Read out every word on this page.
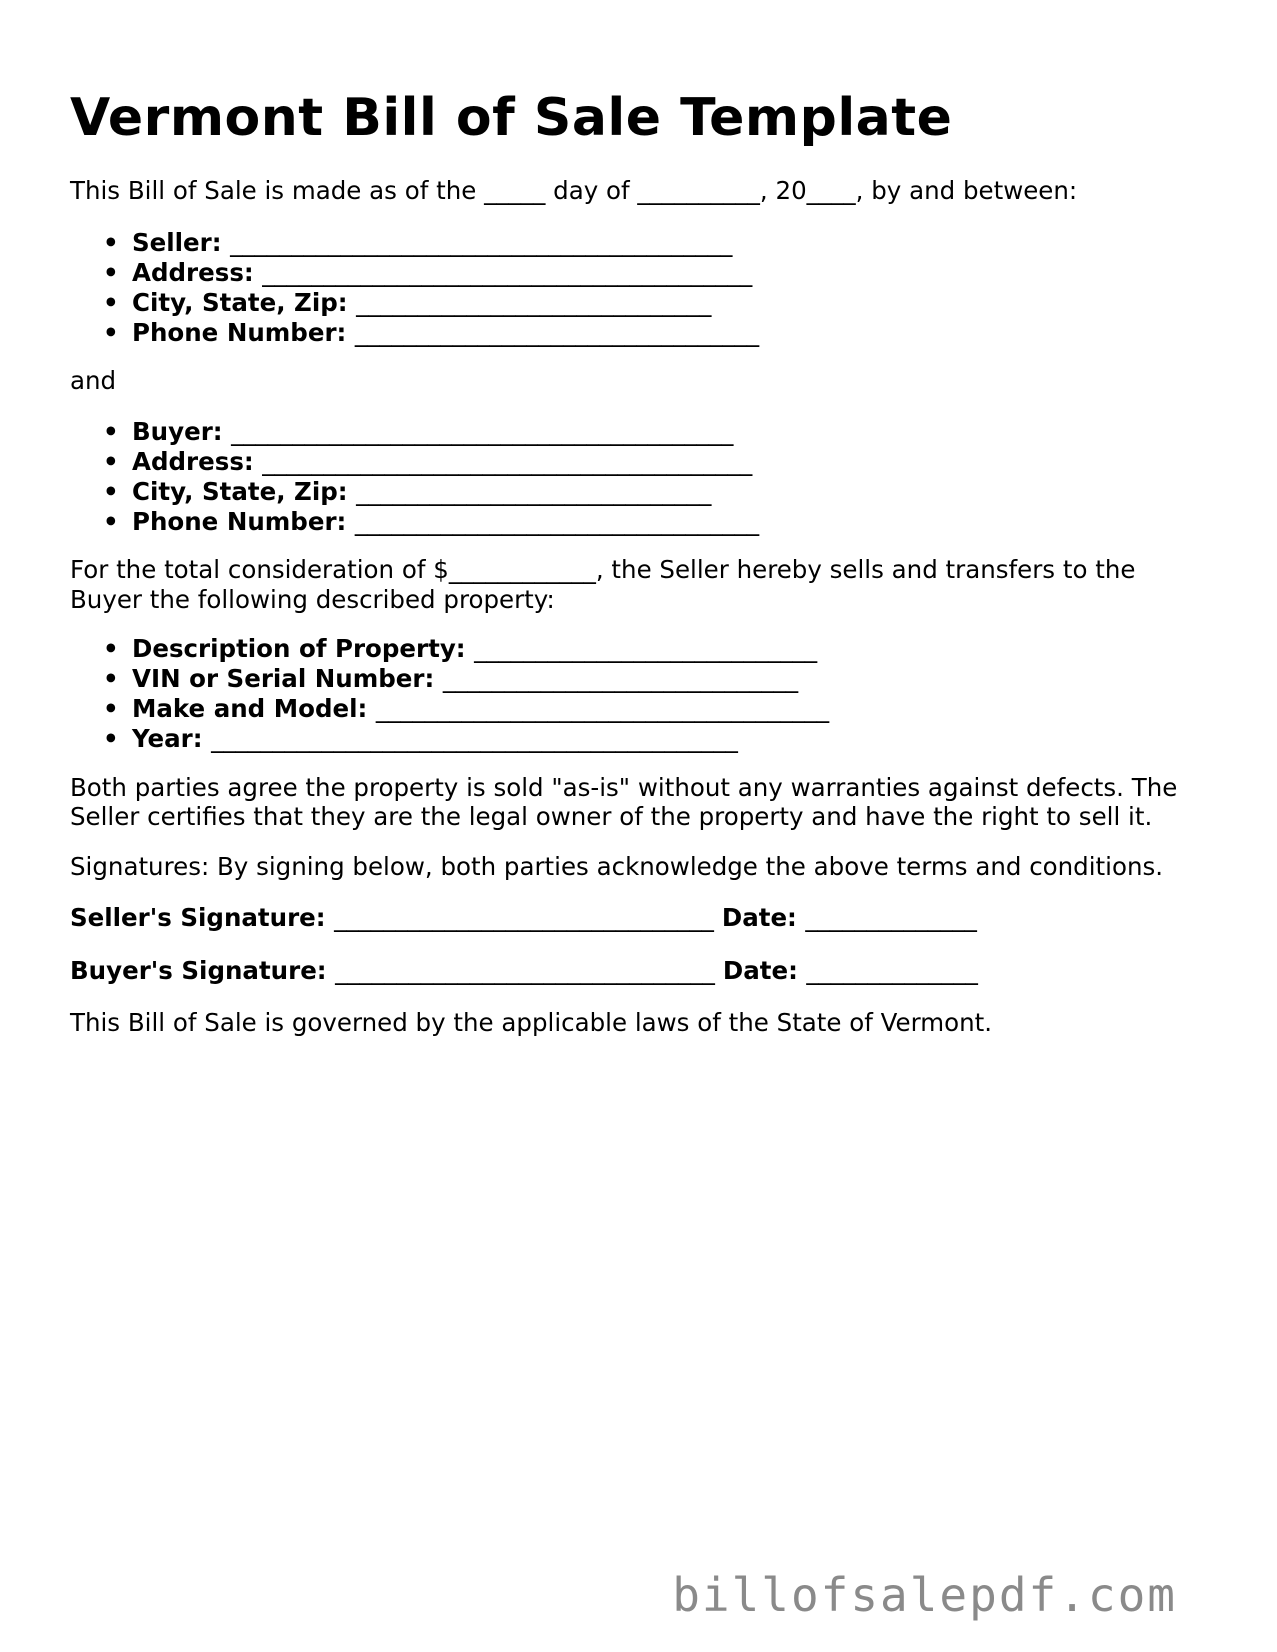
Vermont Bill of Sale Template

This Bill of Sale is made as of the _____ day of __________, 20____, by and between:

• Seller: _________________________________________
• Address: ________________________________________
• City, State, Zip: _____________________________
• Phone Number: _________________________________

and

• Buyer: _________________________________________
• Address: ________________________________________
• City, State, Zip: _____________________________
• Phone Number: _________________________________

For the total consideration of $____________, the Seller hereby sells and transfers to the

Buyer the following described property:

• Description of Property: ____________________________
• VIN or Serial Number: _____________________________
• Make and Model: _____________________________________
• Year: ___________________________________________

Both parties agree the property is sold "as-is" without any warranties against defects. The

Seller certifies that they are the legal owner of the property and have the right to sell it.

Signatures: By signing below, both parties acknowledge the above terms and conditions.

Seller's Signature: _______________________________ Date: ______________
Buyer's Signature: _______________________________ Date: ______________

This Bill of Sale is governed by the applicable laws of the State of Vermont.

billofsalepdf.com
